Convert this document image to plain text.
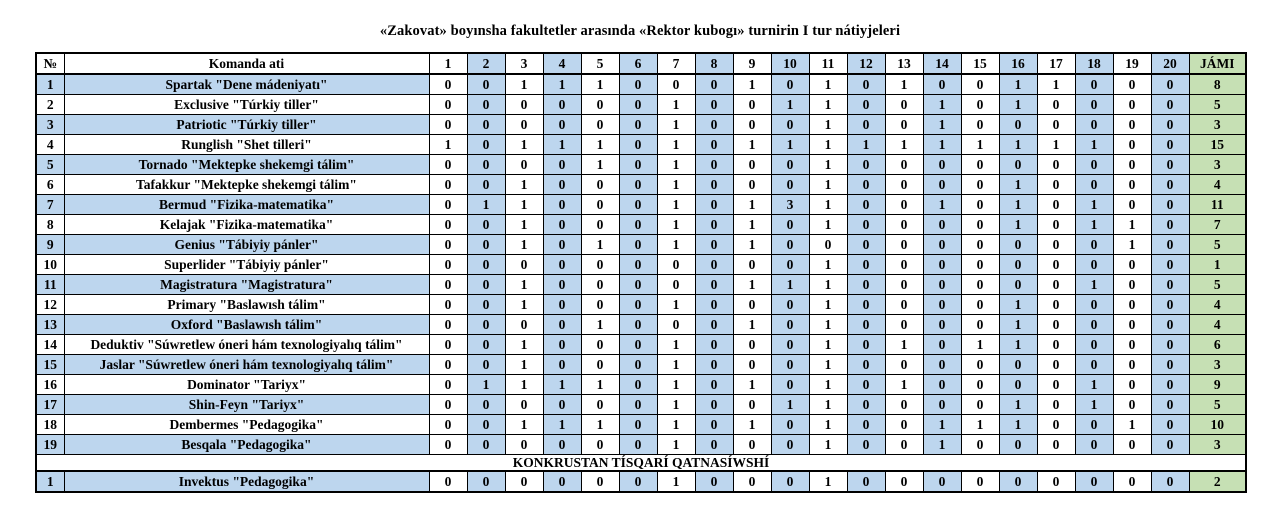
«Zakovat» boyınsha fakultetler arasında «Rektor kubogı» turnirin I tur nátiyjeleri
№	Komanda ati	1	2	3	4	5	6	7	8	9	10	11	12	13	14	15	16	17	18	19	20	JÁMI
1	Spartak "Dene mádeniyatı"	0	0	1	1	1	0	0	0	1	0	1	0	1	0	0	1	1	0	0	0	8
2	Exclusive "Túrkiy tiller"	0	0	0	0	0	0	1	0	0	1	1	0	0	1	0	1	0	0	0	0	5
3	Patriotic "Túrkiy tiller"	0	0	0	0	0	0	1	0	0	0	1	0	0	1	0	0	0	0	0	0	3
4	Runglish "Shet tilleri"	1	0	1	1	1	0	1	0	1	1	1	1	1	1	1	1	1	1	0	0	15
5	Tornado "Mektepke shekemgi tálim"	0	0	0	0	1	0	1	0	0	0	1	0	0	0	0	0	0	0	0	0	3
6	Tafakkur "Mektepke shekemgi tálim"	0	0	1	0	0	0	1	0	0	0	1	0	0	0	0	1	0	0	0	0	4
7	Bermud "Fizika-matematika"	0	1	1	0	0	0	1	0	1	3	1	0	0	1	0	1	0	1	0	0	11
8	Kelajak "Fizika-matematika"	0	0	1	0	0	0	1	0	1	0	1	0	0	0	0	1	0	1	1	0	7
9	Genius "Tábiyiy pánler"	0	0	1	0	1	0	1	0	1	0	0	0	0	0	0	0	0	0	1	0	5
10	Superlider "Tábiyiy pánler"	0	0	0	0	0	0	0	0	0	0	1	0	0	0	0	0	0	0	0	0	1
11	Magistratura "Magistratura"	0	0	1	0	0	0	0	0	1	1	1	0	0	0	0	0	0	1	0	0	5
12	Primary "Baslawısh tálim"	0	0	1	0	0	0	1	0	0	0	1	0	0	0	0	1	0	0	0	0	4
13	Oxford "Baslawısh tálim"	0	0	0	0	1	0	0	0	1	0	1	0	0	0	0	1	0	0	0	0	4
14	Deduktiv "Súwretlew óneri hám texnologiyalıq tálim"	0	0	1	0	0	0	1	0	0	0	1	0	1	0	1	1	0	0	0	0	6
15	Jaslar "Súwretlew óneri hám texnologiyalıq tálim"	0	0	1	0	0	0	1	0	0	0	1	0	0	0	0	0	0	0	0	0	3
16	Dominator "Tariyx"	0	1	1	1	1	0	1	0	1	0	1	0	1	0	0	0	0	1	0	0	9
17	Shin-Feyn "Tariyx"	0	0	0	0	0	0	1	0	0	1	1	0	0	0	0	1	0	1	0	0	5
18	Dembermes "Pedagogika"	0	0	1	1	1	0	1	0	1	0	1	0	0	1	1	1	0	0	1	0	10
19	Besqala "Pedagogika"	0	0	0	0	0	0	1	0	0	0	1	0	0	1	0	0	0	0	0	0	3
KONKRUSTAN TÍSQARÍ QATNASÍWSHÍ																						
1	Invektus "Pedagogika"	0	0	0	0	0	0	1	0	0	0	1	0	0	0	0	0	0	0	0	0	2
